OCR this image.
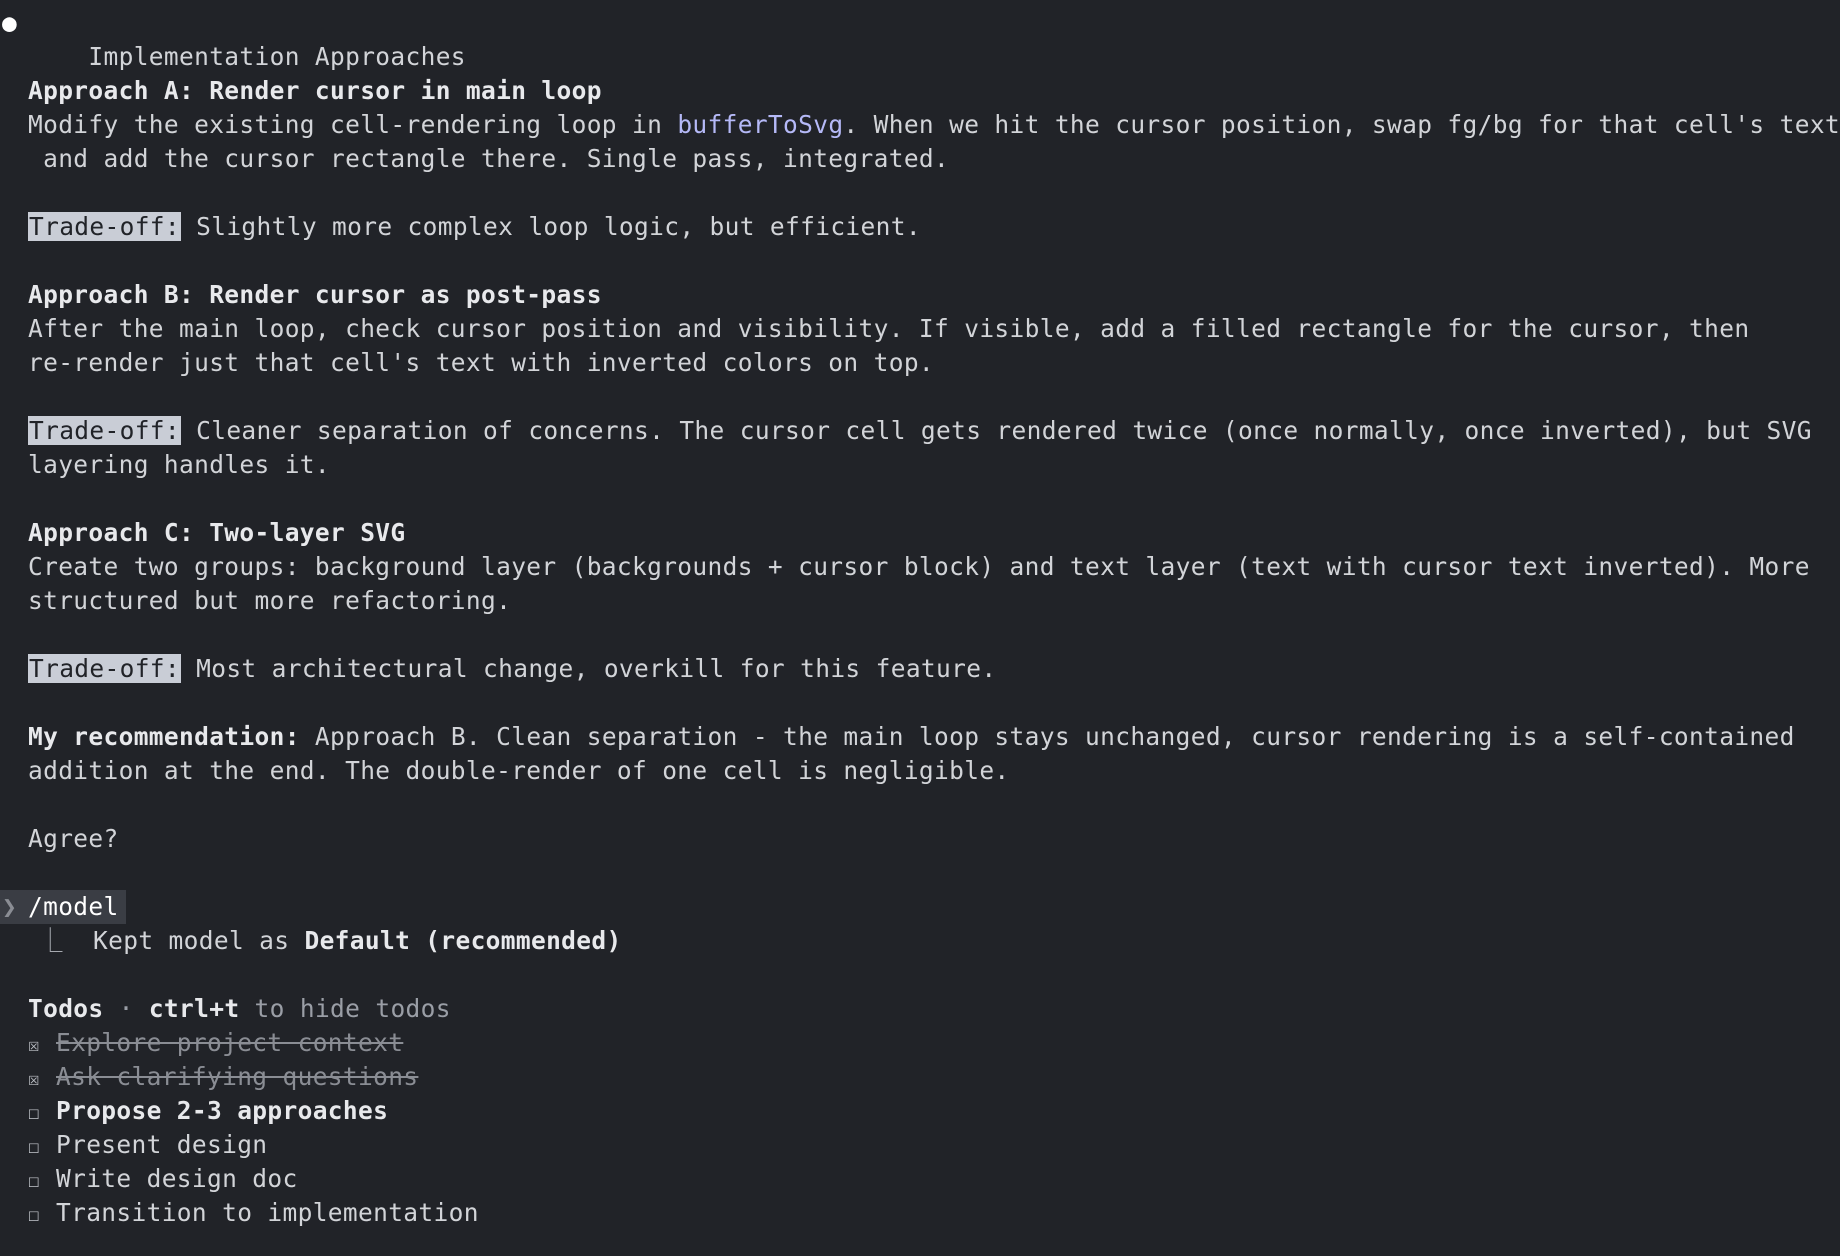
●
Implementation Approaches

Approach A: Render cursor in main loop
Modify the existing cell-rendering loop in bufferToSvg. When we hit the cursor position, swap fg/bg for that cell's text
and add the cursor rectangle there. Single pass, integrated.
Trade-off: Slightly more complex loop logic, but efficient.
Approach B: Render cursor as post-pass
After the main loop, check cursor position and visibility. If visible, add a filled rectangle for the cursor, then
re-render just that cell's text with inverted colors on top.
Trade-off: Cleaner separation of concerns. The cursor cell gets rendered twice (once normally, once inverted), but SVG
layering handles it.
Approach C: Two-layer SVG
Create two groups: background layer (backgrounds + cursor block) and text layer (text with cursor text inverted). More
structured but more refactoring.
Trade-off: Most architectural change, overkill for this feature.
My recommendation: Approach B. Clean separation - the main loop stays unchanged, cursor rendering is a self-contained
addition at the end. The double-render of one cell is negligible.
Agree?
❯ /model
⎿  Kept model as Default (recommended)
Todos · ctrl+t to hide todos
☒ Explore project context
☒ Ask clarifying questions
☐ Propose 2-3 approaches
☐ Present design
☐ Write design doc
☐ Transition to implementation
